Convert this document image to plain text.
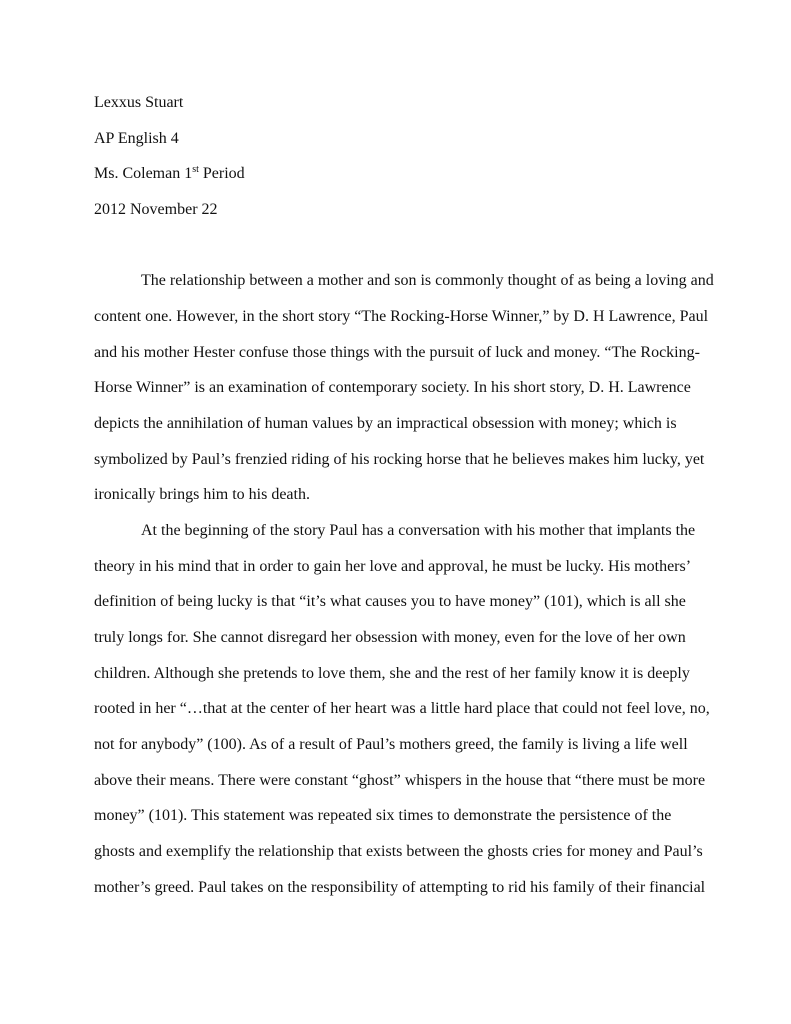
Lexxus Stuart
AP English 4
Ms. Coleman 1st Period
2012 November 22
The relationship between a mother and son is commonly thought of as being a loving and
content one. However, in the short story “The Rocking-Horse Winner,” by D. H Lawrence, Paul
and his mother Hester confuse those things with the pursuit of luck and money. “The Rocking-
Horse Winner” is an examination of contemporary society. In his short story, D. H. Lawrence
depicts the annihilation of human values by an impractical obsession with money; which is
symbolized by Paul’s frenzied riding of his rocking horse that he believes makes him lucky, yet
ironically brings him to his death.
At the beginning of the story Paul has a conversation with his mother that implants the
theory in his mind that in order to gain her love and approval, he must be lucky. His mothers’
definition of being lucky is that “it’s what causes you to have money” (101), which is all she
truly longs for. She cannot disregard her obsession with money, even for the love of her own
children. Although she pretends to love them, she and the rest of her family know it is deeply
rooted in her “…that at the center of her heart was a little hard place that could not feel love, no,
not for anybody” (100). As of a result of Paul’s mothers greed, the family is living a life well
above their means. There were constant “ghost” whispers in the house that “there must be more
money” (101). This statement was repeated six times to demonstrate the persistence of the
ghosts and exemplify the relationship that exists between the ghosts cries for money and Paul’s
mother’s greed. Paul takes on the responsibility of attempting to rid his family of their financial
